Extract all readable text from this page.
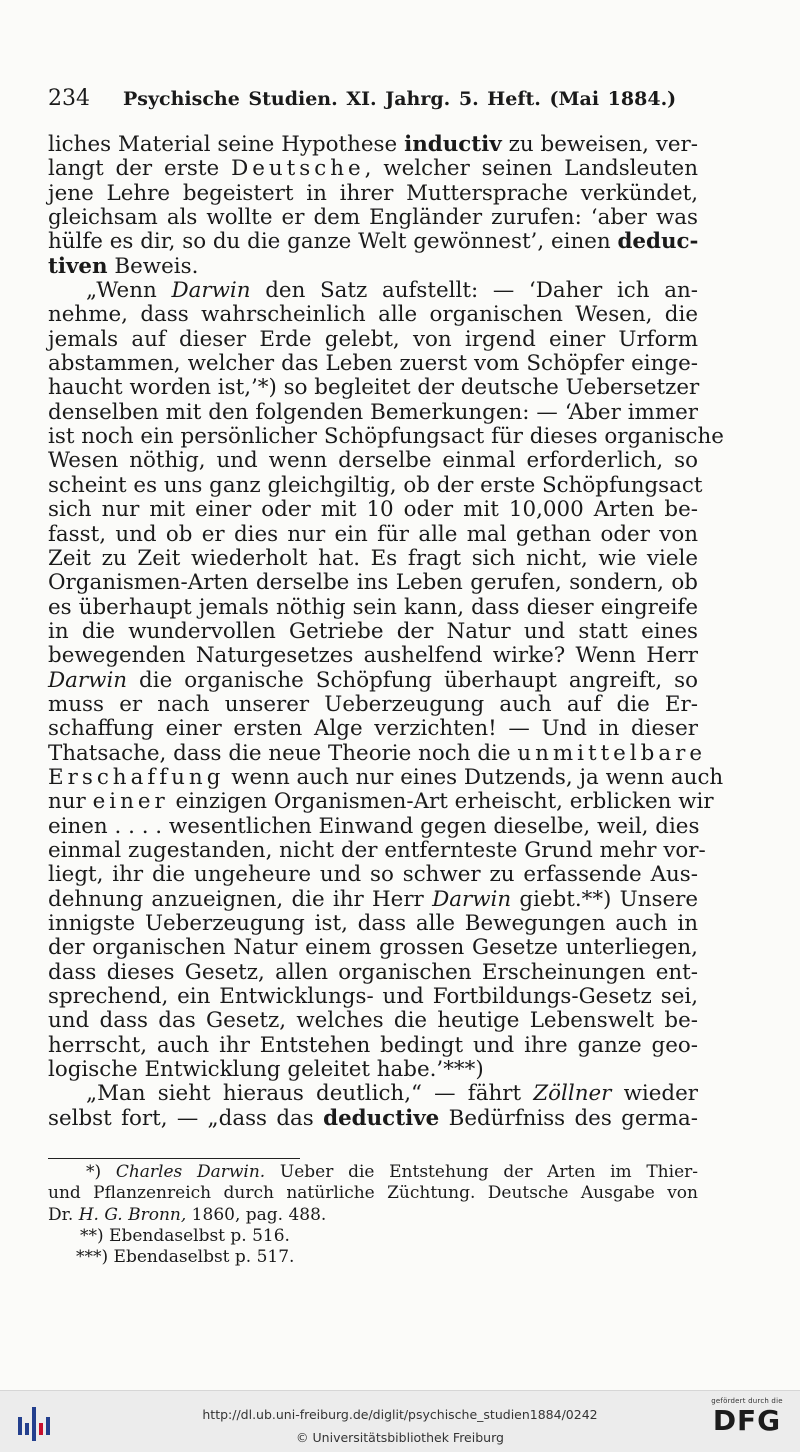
234 Psychische Studien. XI. Jahrg. 5. Heft. (Mai 1884.)
liches Material seine Hypothese inductiv zu beweisen, ver-
langt der erste Deutsche, welcher seinen Landsleuten
jene Lehre begeistert in ihrer Muttersprache verkündet,
gleichsam als wollte er dem Engländer zurufen: ‘aber was
hülfe es dir, so du die ganze Welt gewönnest’, einen deduc-
tiven Beweis.
„Wenn Darwin den Satz aufstellt: — ‘Daher ich an-
nehme, dass wahrscheinlich alle organischen Wesen, die
jemals auf dieser Erde gelebt, von irgend einer Urform
abstammen, welcher das Leben zuerst vom Schöpfer einge-
haucht worden ist,’*) so begleitet der deutsche Uebersetzer
denselben mit den folgenden Bemerkungen: — ‘Aber immer
ist noch ein persönlicher Schöpfungsact für dieses organische
Wesen nöthig, und wenn derselbe einmal erforderlich, so
scheint es uns ganz gleichgiltig, ob der erste Schöpfungsact
sich nur mit einer oder mit 10 oder mit 10,000 Arten be-
fasst, und ob er dies nur ein für alle mal gethan oder von
Zeit zu Zeit wiederholt hat. Es fragt sich nicht, wie viele
Organismen-Arten derselbe ins Leben gerufen, sondern, ob
es überhaupt jemals nöthig sein kann, dass dieser eingreife
in die wundervollen Getriebe der Natur und statt eines
bewegenden Naturgesetzes aushelfend wirke? Wenn Herr
Darwin die organische Schöpfung überhaupt angreift, so
muss er nach unserer Ueberzeugung auch auf die Er-
schaffung einer ersten Alge verzichten! — Und in dieser
Thatsache, dass die neue Theorie noch die unmittelbare
Erschaffung wenn auch nur eines Dutzends, ja wenn auch
nur einer einzigen Organismen-Art erheischt, erblicken wir
einen . . . . wesentlichen Einwand gegen dieselbe, weil, dies
einmal zugestanden, nicht der entfernteste Grund mehr vor-
liegt, ihr die ungeheure und so schwer zu erfassende Aus-
dehnung anzueignen, die ihr Herr Darwin giebt.**) Unsere
innigste Ueberzeugung ist, dass alle Bewegungen auch in
der organischen Natur einem grossen Gesetze unterliegen,
dass dieses Gesetz, allen organischen Erscheinungen ent-
sprechend, ein Entwicklungs- und Fortbildungs-Gesetz sei,
und dass das Gesetz, welches die heutige Lebenswelt be-
herrscht, auch ihr Entstehen bedingt und ihre ganze geo-
logische Entwicklung geleitet habe.’***)
„Man sieht hieraus deutlich,“ — fährt Zöllner wieder
selbst fort, — „dass das deductive Bedürfniss des germa-
*) Charles Darwin. Ueber die Entstehung der Arten im Thier-
und Pflanzenreich durch natürliche Züchtung. Deutsche Ausgabe von
Dr. H. G. Bronn, 1860, pag. 488.
**) Ebendaselbst p. 516.
***) Ebendaselbst p. 517.
http://dl.ub.uni-freiburg.de/diglit/psychische_studien1884/0242
© Universitätsbibliothek Freiburg
gefördert durch die
DFG
